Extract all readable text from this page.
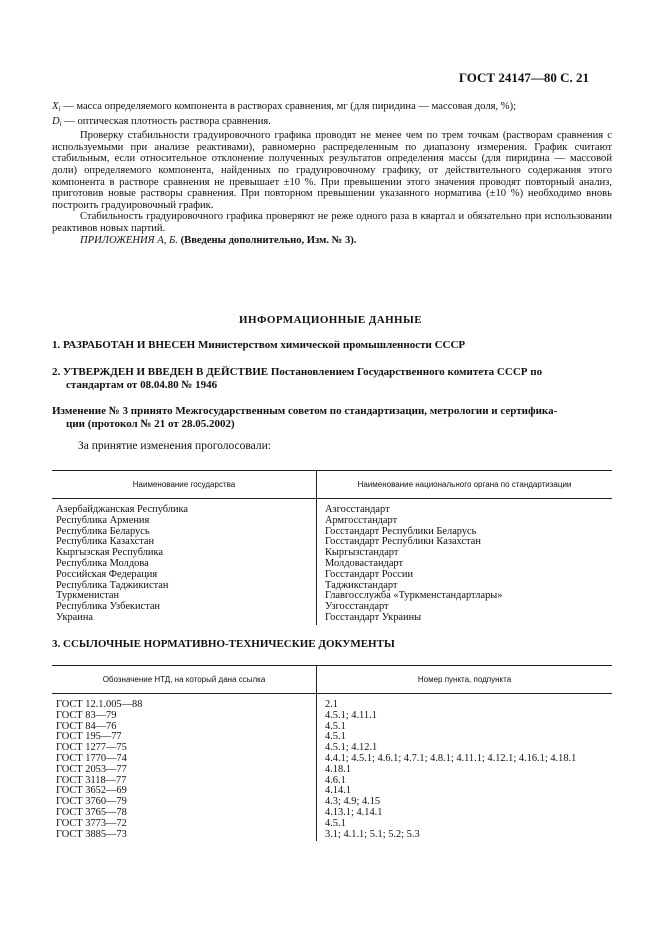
ГОСТ 24147—80 С. 21

$X_i$ — масса определяемого компонента в растворах сравнения, мг (для пиридина — массовая доля, %);

$D_i$ — оптическая плотность раствора сравнения.

Проверку стабильности градуировочного графика проводят не менее чем по трем точкам (растворам сравнения с используемыми при анализе реактивами), равномерно распределенным по диапазону измерения. График считают стабильным, если относительное отклонение полученных результатов определения массы (для пиридина — массовой доли) определяемого компонента, найденных по градуировочному графику, от действительного содержания этого компонента в растворе сравнения не превышает ±10 %. При превышении этого значения проводят повторный анализ, приготовив новые растворы сравнения. При повторном превышении указанного норматива (±10 %) необходимо вновь построить градуировочный график.

Стабильность градуировочного графика проверяют не реже одного раза в квартал и обязательно при использовании реактивов новых партий.

ПРИЛОЖЕНИЯ А, Б. (Введены дополнительно, Изм. № 3).

ИНФОРМАЦИОННЫЕ ДАННЫЕ
1. РАЗРАБОТАН И ВНЕСЕН Министерством химической промышленности СССР
2. УТВЕРЖДЕН И ВВЕДЕН В ДЕЙСТВИЕ Постановлением Государственного комитета СССР по
стандартам от 08.04.80 № 1946
Изменение № 3 принято Межгосударственным советом по стандартизации, метрологии и сертифика-
ции (протокол № 21 от 28.05.2002)
За принятие изменения проголосовали:
Наименование государства	Наименование национального органа по стандартизации
Азербайджанская Республика	Азгосстандарт
Республика Армения	Армгосстандарт
Республика Беларусь	Госстандарт Республики Беларусь
Республика Казахстан	Госстандарт Республики Казахстан
Кыргызская Республика	Кыргызстандарт
Республика Молдова	Молдовастандарт
Российская Федерация	Госстандарт России
Республика Таджикистан	Таджикстандарт
Туркменистан	Главгосслужба «Туркменстандартлары»
Республика Узбекистан	Узгосстандарт
Украина	Госстандарт Украины
3. ССЫЛОЧНЫЕ НОРМАТИВНО-ТЕХНИЧЕСКИЕ ДОКУМЕНТЫ
Обозначение НТД, на который дана ссылка	Номер пункта, подпункта
ГОСТ 12.1.005—88	2.1
ГОСТ 83—79	4.5.1; 4.11.1
ГОСТ 84—76	4.5.1
ГОСТ 195—77	4.5.1
ГОСТ 1277—75	4.5.1; 4.12.1
ГОСТ 1770—74	4.4.1; 4.5.1; 4.6.1; 4.7.1; 4.8.1; 4.11.1; 4.12.1; 4.16.1; 4.18.1
ГОСТ 2053—77	4.18.1
ГОСТ 3118—77	4.6.1
ГОСТ 3652—69	4.14.1
ГОСТ 3760—79	4.3; 4.9; 4.15
ГОСТ 3765—78	4.13.1; 4.14.1
ГОСТ 3773—72	4.5.1
ГОСТ 3885—73	3.1; 4.1.1; 5.1; 5.2; 5.3
